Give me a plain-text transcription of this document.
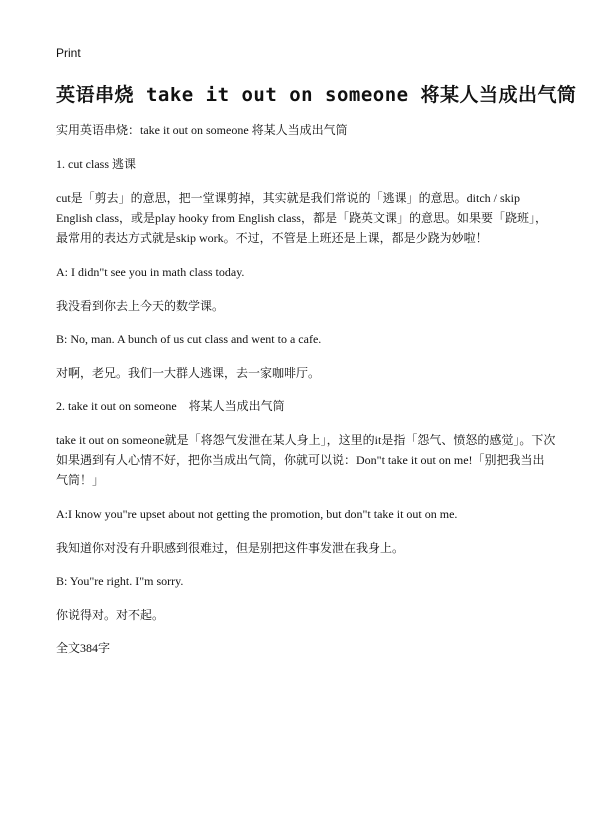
Print
英语串烧 take it out on someone 将某人当成出气筒

实用英语串烧：take it out on someone 将某人当成出气筒

1. cut class 逃课

cut是「剪去」的意思，把一堂课剪掉，其实就是我们常说的「逃课」的意思。ditch / skip English class，或是play hooky from English class，都是「跷英文课」的意思。如果要「跷班」，最常用的表达方式就是skip work。不过，不管是上班还是上课，都是少跷为妙啦！

A: I didn"t see you in math class today.

我没看到你去上今天的数学课。

B: No, man. A bunch of us cut class and went to a cafe.

对啊，老兄。我们一大群人逃课，去一家咖啡厅。

2. take it out on someone　将某人当成出气筒

take it out on someone就是「将怨气发泄在某人身上」，这里的it是指「怨气、愤怒的感觉」。下次如果遇到有人心情不好，把你当成出气筒，你就可以说：Don"t take it out on me!「别把我当出气筒！」

A:I know you"re upset about not getting the promotion, but don"t take it out on me.

我知道你对没有升职感到很难过，但是别把这件事发泄在我身上。

B: You"re right. I"m sorry.

你说得对。对不起。

全文384字
